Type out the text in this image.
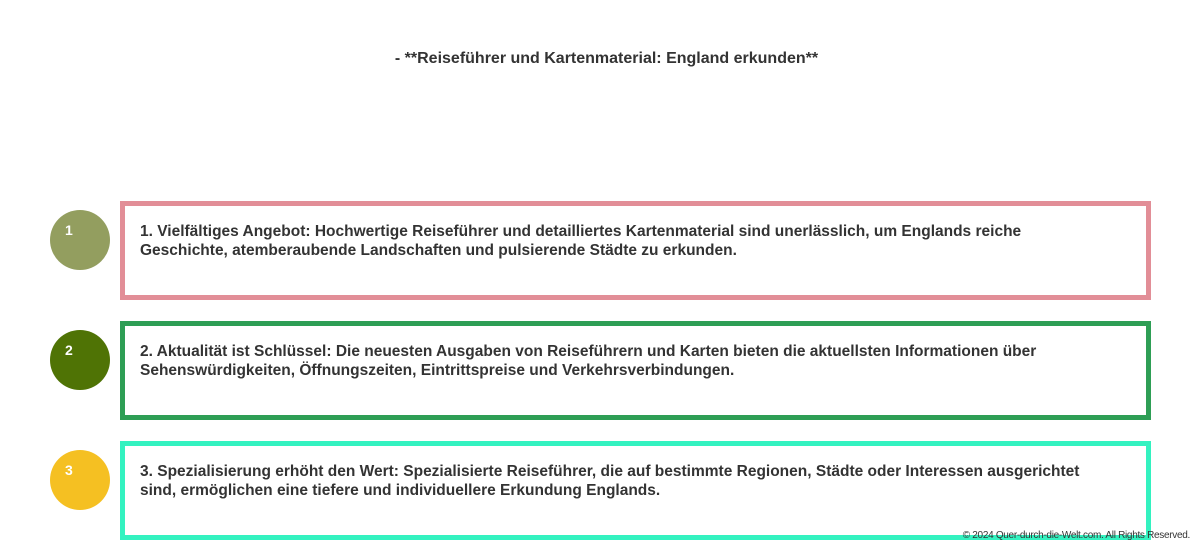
- **Reiseführer und Kartenmaterial: England erkunden**
1	1. Vielfältiges Angebot: Hochwertige Reiseführer und detailliertes Kartenmaterial sind unerlässlich, um Englands reiche Geschichte, atemberaubende Landschaften und pulsierende Städte zu erkunden.
2	2. Aktualität ist Schlüssel: Die neuesten Ausgaben von Reiseführern und Karten bieten die aktuellsten Informationen über Sehenswürdigkeiten, Öffnungszeiten, Eintrittspreise und Verkehrsverbindungen.
3	3. Spezialisierung erhöht den Wert: Spezialisierte Reiseführer, die auf bestimmte Regionen, Städte oder Interessen ausgerichtet sind, ermöglichen eine tiefere und individuellere Erkundung Englands.
© 2024 Quer-durch-die-Welt.com. All Rights Reserved.
